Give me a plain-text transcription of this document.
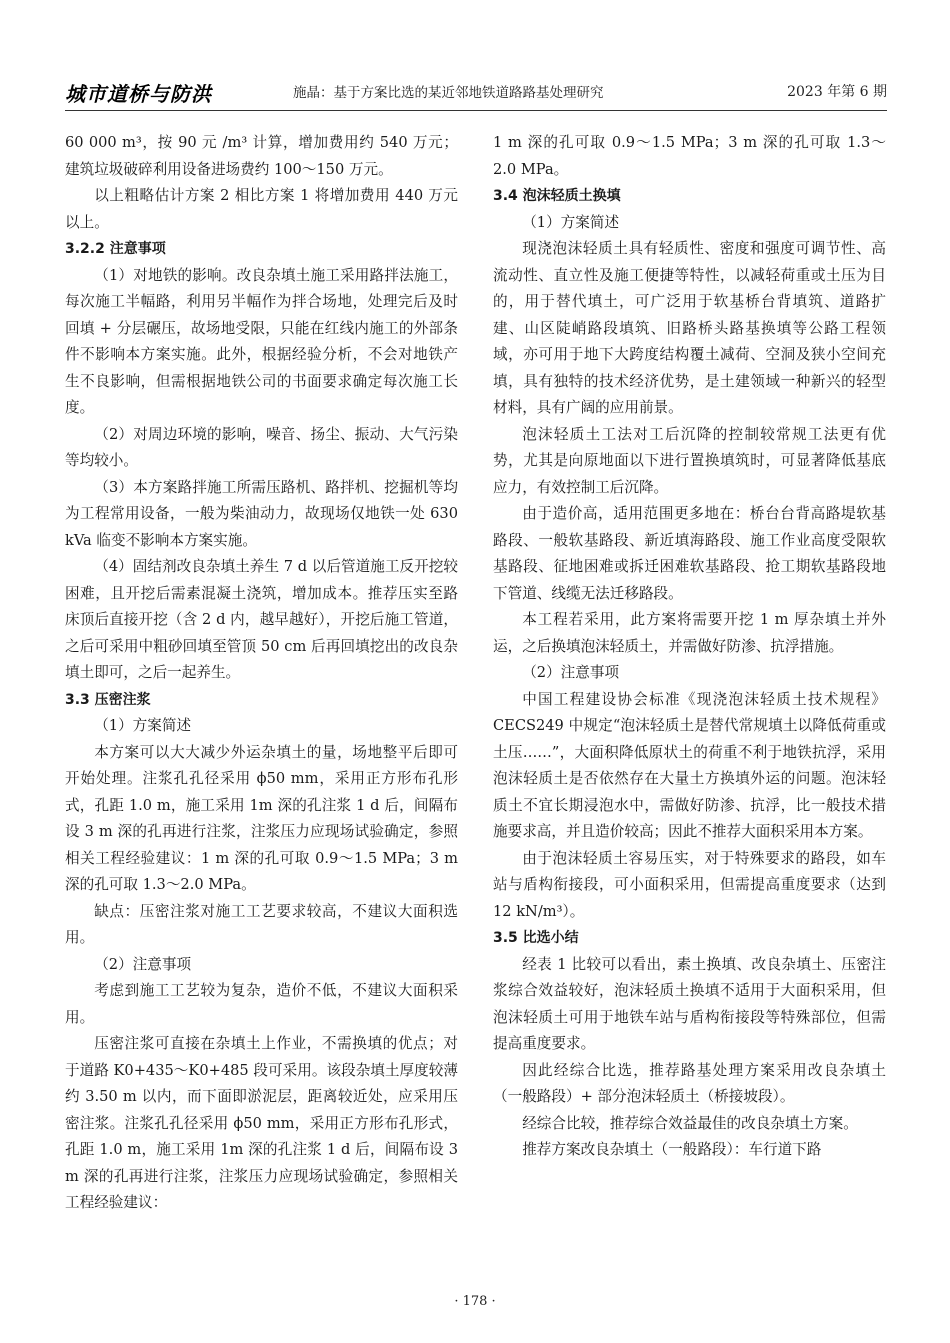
城市道桥与防洪	施晶：基于方案比选的某近邻地铁道路路基处理研究	2023 年第 6 期

60 000 m³，按 90 元 /m³ 计算，增加费用约 540 万元；建筑垃圾破碎利用设备进场费约 100～150 万元。

以上粗略估计方案 2 相比方案 1 将增加费用 440 万元以上。

3.2.2 注意事项

（1）对地铁的影响。改良杂填土施工采用路拌法施工，每次施工半幅路，利用另半幅作为拌合场地，处理完后及时回填 + 分层碾压，故场地受限，只能在红线内施工的外部条件不影响本方案实施。此外，根据经验分析，不会对地铁产生不良影响，但需根据地铁公司的书面要求确定每次施工长度。

（2）对周边环境的影响，噪音、扬尘、振动、大气污染等均较小。

（3）本方案路拌施工所需压路机、路拌机、挖掘机等均为工程常用设备，一般为柴油动力，故现场仅地铁一处 630 kVa 临变不影响本方案实施。

（4）固结剂改良杂填土养生 7 d 以后管道施工反开挖较困难，且开挖后需素混凝土浇筑，增加成本。推荐压实至路床顶后直接开挖（含 2 d 内，越早越好），开挖后施工管道，之后可采用中粗砂回填至管顶 50 cm 后再回填挖出的改良杂填土即可，之后一起养生。

3.3 压密注浆

（1）方案简述

本方案可以大大减少外运杂填土的量，场地整平后即可开始处理。注浆孔孔径采用 ϕ50 mm，采用正方形布孔形式，孔距 1.0 m，施工采用 1m 深的孔注浆 1 d 后，间隔布设 3 m 深的孔再进行注浆，注浆压力应现场试验确定，参照相关工程经验建议：1 m 深的孔可取 0.9～1.5 MPa；3 m 深的孔可取 1.3～2.0 MPa。

缺点：压密注浆对施工工艺要求较高，不建议大面积选用。

（2）注意事项

考虑到施工工艺较为复杂，造价不低，不建议大面积采用。

压密注浆可直接在杂填土上作业，不需换填的优点；对于道路 K0+435～K0+485 段可采用。该段杂填土厚度较薄约 3.50 m 以内，而下面即淤泥层，距离较近处，应采用压密注浆。注浆孔孔径采用 ϕ50 mm，采用正方形布孔形式，孔距 1.0 m，施工采用 1m 深的孔注浆 1 d 后，间隔布设 3 m 深的孔再进行注浆，注浆压力应现场试验确定，参照相关工程经验建议：

1 m 深的孔可取 0.9～1.5 MPa；3 m 深的孔可取 1.3～2.0 MPa。

3.4 泡沫轻质土换填

（1）方案简述

现浇泡沫轻质土具有轻质性、密度和强度可调节性、高流动性、直立性及施工便捷等特性，以减轻荷重或土压为目的，用于替代填土，可广泛用于软基桥台背填筑、道路扩建、山区陡峭路段填筑、旧路桥头路基换填等公路工程领域，亦可用于地下大跨度结构覆土减荷、空洞及狭小空间充填，具有独特的技术经济优势，是土建领域一种新兴的轻型材料，具有广阔的应用前景。

泡沫轻质土工法对工后沉降的控制较常规工法更有优势，尤其是向原地面以下进行置换填筑时，可显著降低基底应力，有效控制工后沉降。

由于造价高，适用范围更多地在：桥台台背高路堤软基路段、一般软基路段、新近填海路段、施工作业高度受限软基路段、征地困难或拆迁困难软基路段、抢工期软基路段地下管道、线缆无法迁移路段。

本工程若采用，此方案将需要开挖 1 m 厚杂填土并外运，之后换填泡沫轻质土，并需做好防渗、抗浮措施。

（2）注意事项

中国工程建设协会标准《现浇泡沫轻质土技术规程》CECS249 中规定“泡沫轻质土是替代常规填土以降低荷重或土压……”，大面积降低原状土的荷重不利于地铁抗浮，采用泡沫轻质土是否依然存在大量土方换填外运的问题。泡沫轻质土不宜长期浸泡水中，需做好防渗、抗浮，比一般技术措施要求高，并且造价较高；因此不推荐大面积采用本方案。

由于泡沫轻质土容易压实，对于特殊要求的路段，如车站与盾构衔接段，可小面积采用，但需提高重度要求（达到 12 kN/m³）。

3.5 比选小结

经表 1 比较可以看出，素土换填、改良杂填土、压密注浆综合效益较好，泡沫轻质土换填不适用于大面积采用，但泡沫轻质土可用于地铁车站与盾构衔接段等特殊部位，但需提高重度要求。

因此经综合比选，推荐路基处理方案采用改良杂填土（一般路段）+ 部分泡沫轻质土（桥接坡段）。

经综合比较，推荐综合效益最佳的改良杂填土方案。

推荐方案改良杂填土（一般路段）：车行道下路

· 178 ·
